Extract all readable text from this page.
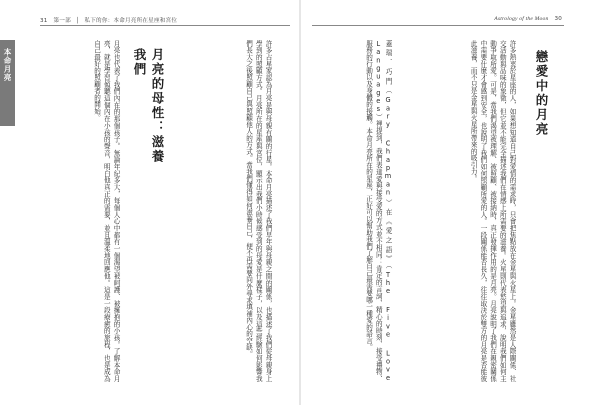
31 第一部 │ 私下的你：本命月亮所在星座和宮位	Astrology of the Moon 30
本命月亮	戀愛中的月亮
許多熱衷於星座的人，如果想知道自己對愛情的需求時，只會把焦點放在金星與火星上。金星雖然是人際關係、社交活動與品味的象徵，但它並不能完全描述我們在情感上所需要的滋養。火星則代表慾望與追求，說明我們如何主動爭取所愛。可是，當我們渴望被理解、被照顧、被接納時，真正發揮作用的是月亮。月亮說明了我們在親密關係中需要什麼才會感到安全，也說明了我們如何照顧所愛的人。一段關係能否長久，往往取決於雙方的月亮是否能彼此滋養，而不只是金星與火星所帶來的吸引力。
蓋瑞．巧門（Gary Chapman）在《愛之語》（The Five Love Languages）裡提到，我們表達愛與接受愛的方式並不相同：肯定的言詞、精心的時刻、接受禮物、服務的行動以及身體的接觸。本命月亮所在的星座，正好可以幫助我們了解自己最需要哪一種愛的語言。
月亮的母性：滋養我們	許多占星家認為月亮是與母親有關的行星。本命月亮描述了我們早年與母親之間的關係，也描述了我們從母親身上學到的照顧方式。月亮所在的星座與宮位，顯示出我們小時候感受到的母愛是什麼樣子，以及這些經驗如何影響我們長大之後照顧自己與照顧他人的方式。當我們懂得如何滋養自己，便不再需要向外尋求填補內心的空缺。
月亮也代表了我們內在的那個孩子。無論年紀多大，每個人心中都有一個渴望被呵護、被擁抱的小孩。了解本命月亮，就是學習傾聽這個內在小孩的聲音，明白他真正的需要，並且溫柔地回應他。這是一段療癒的旅程，也是成為自己最好的照顧者的開始。
